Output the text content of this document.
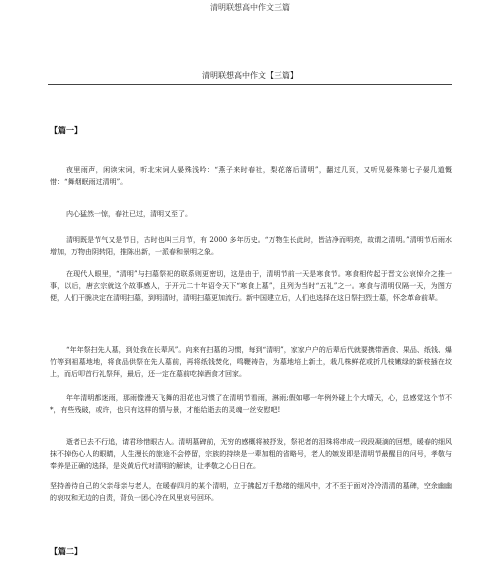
清明联想高中作文三篇
清明联想高中作文【三篇】
【篇一】
夜里雨声，闲读宋词，听北宋词人晏殊浅吟：“燕子来时春社，梨花落后清明”，翻过几页，又听见晏殊第七子晏几道慨惜：“舞烟眠雨过清明”。
内心猛然一惊，春社已过，清明又至了。
清明既是节气又是节日，古时也叫三月节，有 2000 多年历史。“万物生长此时，皆洁净而明亮，故谓之清明。”清明节后雨水增加，万物由阴转阳，推陈出新，一派春和景明之象。
在现代人眼里，“清明”与扫墓祭祀的联系则更密切，这是由于，清明节前一天是寒食节。寒食相传起于晋文公哀悼介之推一事，以后，唐玄宗就这个故事感人，于开元二十年诏令天下“寒食上墓”，且列为当时“五礼”之一。寒食与清明仅隔一天，为图方便，人们干脆决定在清明扫墓，到明清时，清明扫墓更加流行。新中国建立后，人们也选择在这日祭扫烈士墓，怀念革命前辈。
“年年祭扫先人墓，到处我在长辈风”。向来有扫墓的习惯，每到“清明”，家家户户的后辈后代就要携带酒食、果品、纸钱、爆竹等到祖墓地地，将食品供祭在先人墓前，再将纸钱焚化，鸣鞭祷告，为墓地培上新土，栽几株鲜花或折几枝嫩绿的新枝插在坟上，而后叩首行礼祭拜，最后，还一定在墓前吃掉酒食才回家。
年年清明都迷雨，那雨像漫天飞舞的泪花也习惯了在清明节看雨，淋雨;假如哪一年例外碰上个大晴天，心，总感觉这个节不*，有些残破，或许，也只有这样的情与景，才能给逝去的灵魂一丝安慰吧!
逝者已去不行追，请君珍惜眼古人。清明墓碑前，无穷的感概将被抒发，祭祀者的泪珠将串成一段段凝滴的回想，暖春的细风抹不掉伤心人的眼睛，人生漫长的旅途不会停留，宗族的持续是一辈加粗的省略号，老人的嫉发即是清明节最醒目的问号，孝敬与奉养是正确的选择，是炎黄后代对清明的解读，让孝敬之心日日在。
坚持善待自己的父亲母亲与老人，在暖春四月的某个清明，立于拂起万千愁绪的细风中，才不至于面对冷冷清清的墓碑，空余幽幽的哀叹和无边的自责，背负一团心冷在风里哀号回环。
【篇二】
